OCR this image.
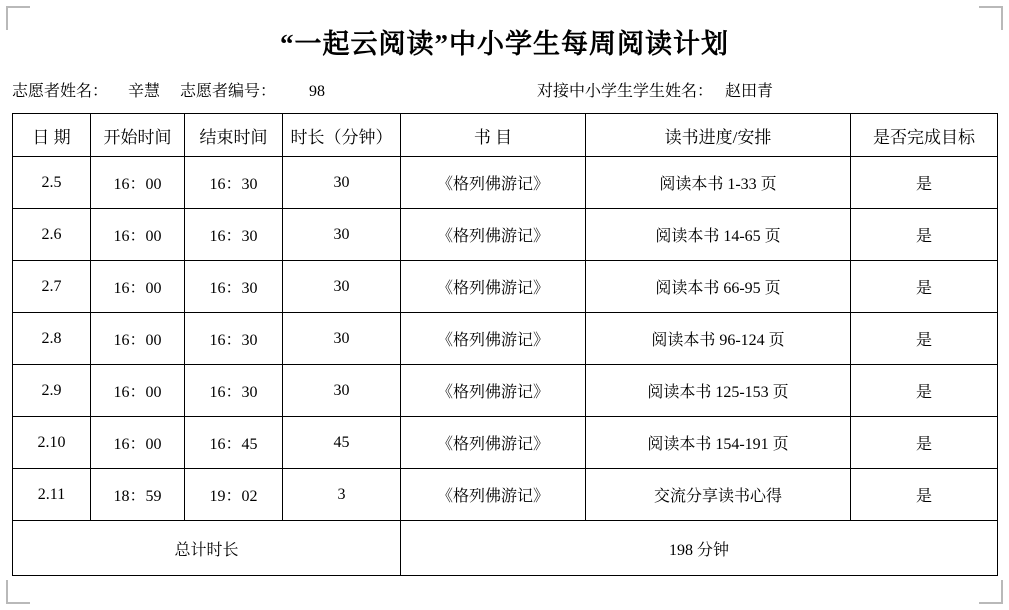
“一起云阅读”中小学生每周阅读计划
志愿者姓名： 辛慧 志愿者编号： 98	对接中小学生学生姓名： 赵田青
日 期	开始时间	结束时间	时长（分钟）	书 目	读书进度/安排	是否完成目标
2.5	16：00	16：30	30	《格列佛游记》	阅读本书 1-33 页	是
2.6	16：00	16：30	30	《格列佛游记》	阅读本书 14-65 页	是
2.7	16：00	16：30	30	《格列佛游记》	阅读本书 66-95 页	是
2.8	16：00	16：30	30	《格列佛游记》	阅读本书 96-124 页	是
2.9	16：00	16：30	30	《格列佛游记》	阅读本书 125-153 页	是
2.10	16：00	16：45	45	《格列佛游记》	阅读本书 154-191 页	是
2.11	18：59	19：02	3	《格列佛游记》	交流分享读书心得	是
总计时长				198 分钟		
